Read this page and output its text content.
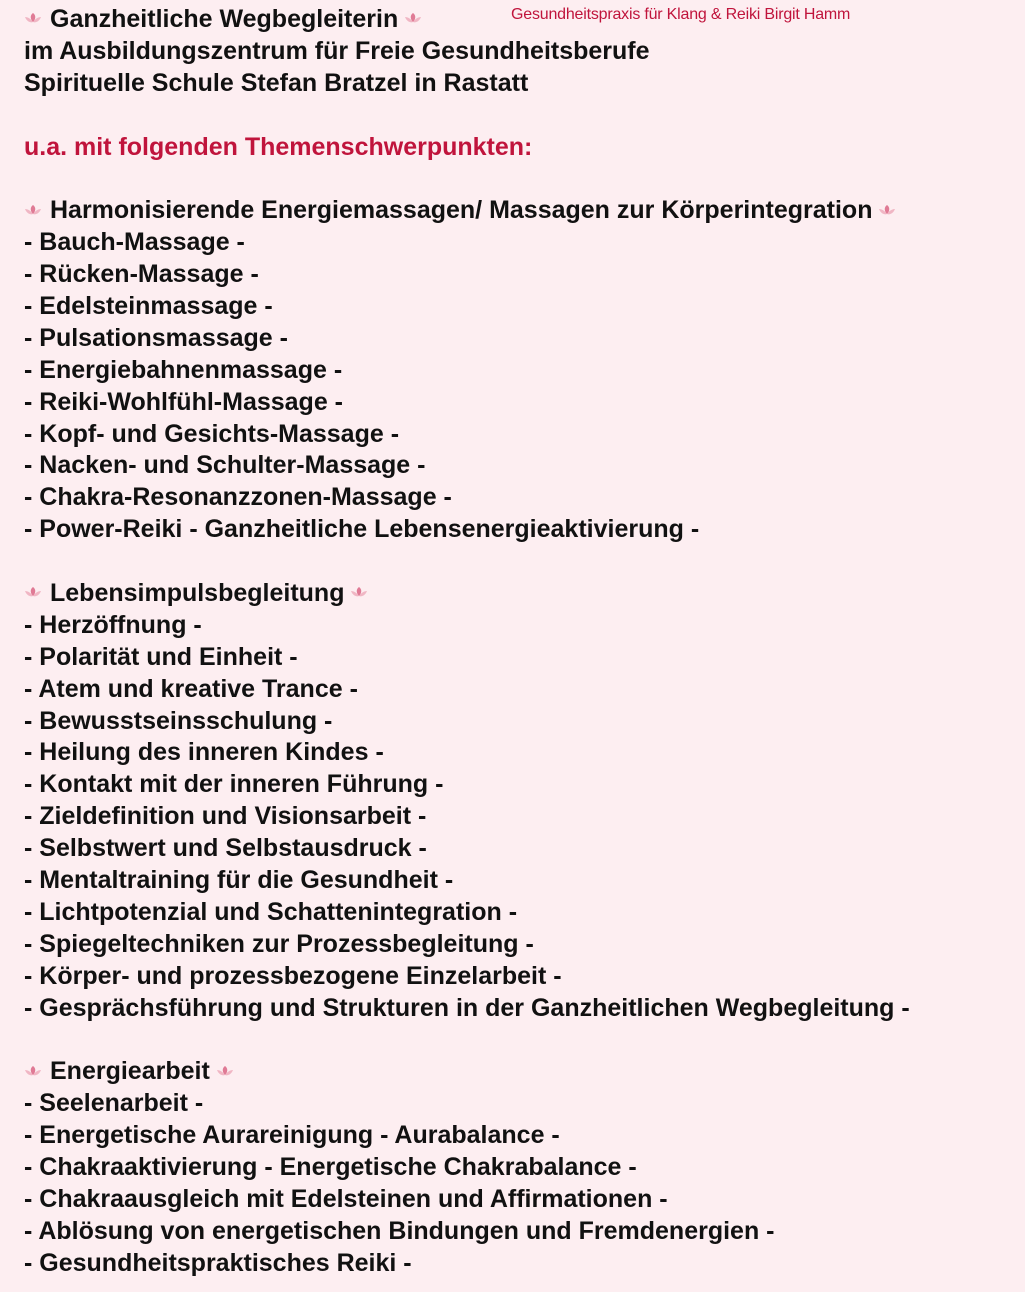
Gesundheitspraxis für Klang & Reiki Birgit Hamm
Ganzheitliche Wegbegleiterin
im Ausbildungszentrum für Freie Gesundheitsberufe
Spirituelle Schule Stefan Bratzel in Rastatt
u.a. mit folgenden Themenschwerpunkten:
Harmonisierende Energiemassagen/ Massagen zur Körperintegration
- Bauch-Massage -
- Rücken-Massage -
- Edelsteinmassage -
- Pulsationsmassage -
- Energiebahnenmassage -
- Reiki-Wohlfühl-Massage -
- Kopf- und Gesichts-Massage -
- Nacken- und Schulter-Massage -
- Chakra-Resonanzzonen-Massage -
- Power-Reiki - Ganzheitliche Lebensenergieaktivierung -
Lebensimpulsbegleitung
- Herzöffnung -
- Polarität und Einheit -
- Atem und kreative Trance -
- Bewusstseinsschulung -
- Heilung des inneren Kindes -
- Kontakt mit der inneren Führung -
- Zieldefinition und Visionsarbeit -
- Selbstwert und Selbstausdruck -
- Mentaltraining für die Gesundheit -
- Lichtpotenzial und Schattenintegration -
- Spiegeltechniken zur Prozessbegleitung -
- Körper- und prozessbezogene Einzelarbeit -
- Gesprächsführung und Strukturen in der Ganzheitlichen Wegbegleitung -
Energiearbeit
- Seelenarbeit -
- Energetische Aurareinigung - Aurabalance -
- Chakraaktivierung - Energetische Chakrabalance -
- Chakraausgleich mit Edelsteinen und Affirmationen -
- Ablösung von energetischen Bindungen und Fremdenergien -
- Gesundheitspraktisches Reiki -
